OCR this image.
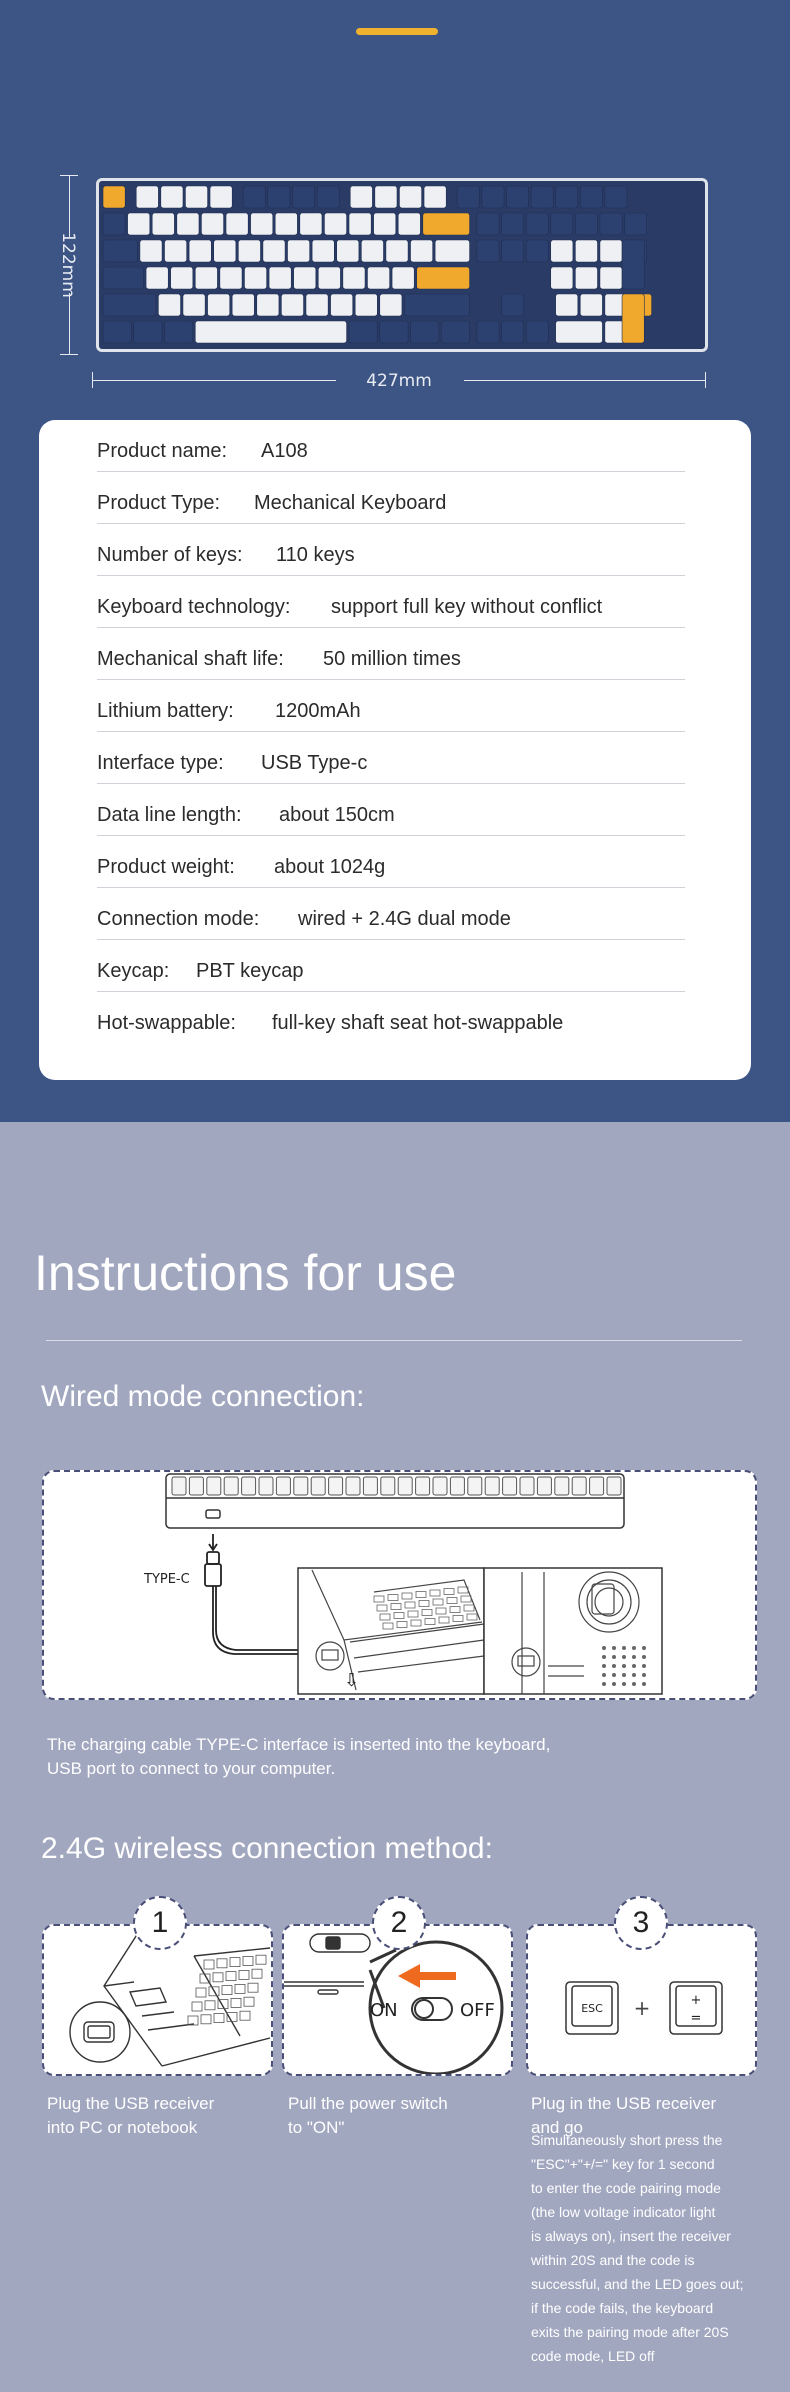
122mm
427mm
Product name: A108
Product Type: Mechanical Keyboard
Number of keys: 110 keys
Keyboard technology: support full key without conflict
Mechanical shaft life: 50 million times
Lithium battery: 1200mAh
Interface type: USB Type-c
Data line length: about 150cm
Product weight: about 1024g
Connection mode: wired + 2.4G dual mode
Keycap: PBT keycap
Hot-swappable: full-key shaft seat hot-swappable
Instructions for use
Wired mode connection:
⇩
TYPE-C
The charging cable TYPE-C interface is inserted into the keyboard,
USB port to connect to your computer.
2.4G wireless connection method:
1
ON	OFF
2
ESC +	+
=
3
Plug the USB receiver
into PC or notebook
Pull the power switch
to "ON"
Plug in the USB receiver
and go
Simultaneously short press the
"ESC"+"+/=" key for 1 second
to enter the code pairing mode
(the low voltage indicator light
is always on), insert the receiver
within 20S and the code is
successful, and the LED goes out;
if the code fails, the keyboard
exits the pairing mode after 20S
code mode, LED off
